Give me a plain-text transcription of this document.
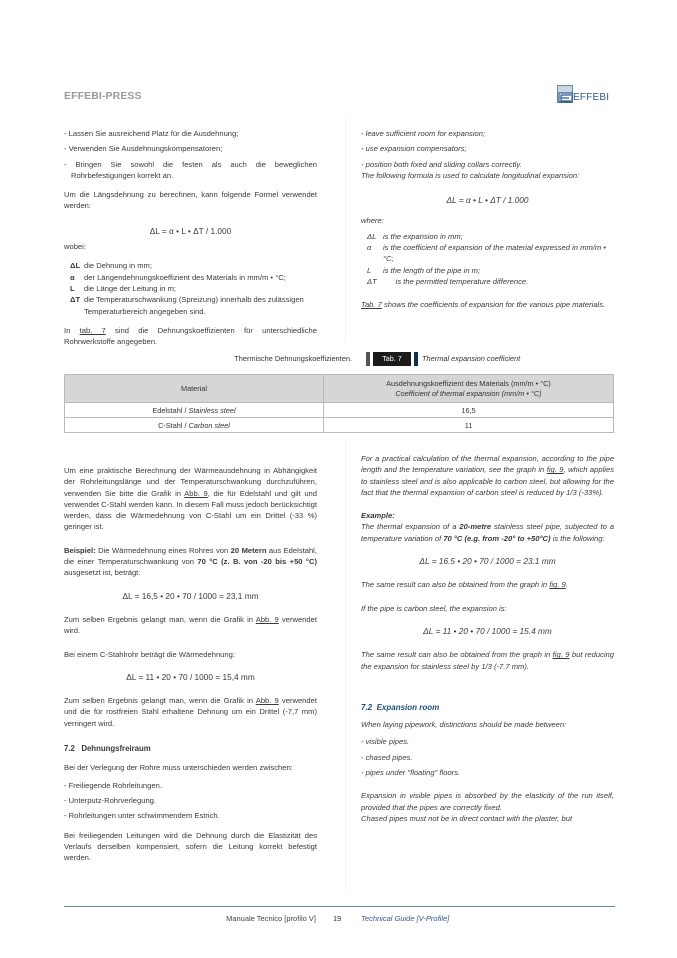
EFFEBI-PRESS	EFFEBI

- Lassen Sie ausreichend Platz für die Ausdehnung;

- Verwenden Sie Ausdehnungskompensatoren;

- Bringen Sie sowohl die festen als auch die beweglichen Rohrbefestigungen korrekt an.

Um die Längsdehnung zu berechnen, kann folgende Formel verwendet werden:

ΔL = α • L • ΔT / 1.000

wobei:

ΔL die Dehnung in mm;
α	der Längendehnungskoeffizient des Materials in mm/m • °C;
L	die Länge der Leitung in m;
ΔT die Temperaturschwankung (Spreizung) innerhalb des zulässigen Temperaturbereich angegeben sind.

In tab. 7 sind die Dehnungskoeffizienten für unterschiedliche Rohrwerkstoffe angegeben.

- leave sufficient room for expansion;

- use expansion compensators;

- position both fixed and sliding collars correctly.

The following formula is used to calculate longitudinal expansion:

ΔL = α • L • ΔT / 1.000

where:

ΔL is the expansion in mm;
α	is the coefficient of expansion of the material expressed in mm/m • °C;
L	is the length of the pipe in m;
ΔT is the permitted temperature difference.

Tab. 7 shows the coefficients of expansion for the various pipe materials.

Thermische Dehnungskoeffizienten.	Tab. 7	Thermal expansion coefficient
Material	Ausdehnungskoeffizient des Materials (mm/m • °C)
Coefficient of thermal expansion (mm/m • °C)
Edelstahl / Stainless steel	16,5
C-Stahl / Carbon steel	11

Um eine praktische Berechnung der Wärmeausdehnung in Abhängigkeit der Rohrleitungslänge und der Temperaturschwankung durchzuführen, verwenden Sie bitte die Grafik in Abb. 9, die für Edelstahl und gilt und verwendet C-Stahl werden kann. In diesem Fall muss jedoch berücksichtigt werden, dass die Wärmedehnung von C-Stahl um ein Drittel (-33 %) geringer ist.

Beispiel: Die Wärmedehnung eines Rohres von 20 Metern aus Edelstahl, die einer Temperaturschwankung von 70 °C (z. B. von -20 bis +50 °C) ausgesetzt ist, beträgt:

ΔL = 16,5 • 20 • 70 / 1000 = 23,1 mm

Zum selben Ergebnis gelangt man, wenn die Grafik in Abb. 9 verwendet wird.

Bei einem C-Stahlrohr beträgt die Wärmedehnung:

ΔL = 11 • 20 • 70 / 1000 = 15,4 mm

Zum selben Ergebnis gelangt man, wenn die Grafik in Abb. 9 verwendet und die für rostfreien Stahl erhaltene Dehnung um ein Drittel (-7,7 mm) verringert wird.

7.2   Dehnungsfreiraum

Bei der Verlegung der Rohre muss unterschieden werden zwischen:

- Freiliegende Rohrleitungen.

- Unterputz-Rohrverlegung.

- Rohrleitungen unter schwimmendem Estrich.

Bei freiliegenden Leitungen wird die Dehnung durch die Elastizität des Verlaufs derselben kompensiert, sofern die Leitung korrekt befestigt werden.

For a practical calculation of the thermal expansion, according to the pipe length and the temperature variation, see the graph in fig. 9, which applies to stainless steel and is also applicable to carbon steel, but allowing for the fact that the thermal expansion of carbon steel is reduced by 1/3 (-33%).

Example:

The thermal expansion of a 20-metre stainless steel pipe, subjected to a temperature variation of 70 °C (e.g. from -20° to +50°C) is the following:

ΔL = 16.5 • 20 • 70 / 1000 = 23.1 mm

The same result can also be obtained from the graph in fig. 9.

If the pipe is carbon steel, the expansion is:

ΔL = 11 • 20 • 70 / 1000 = 15.4 mm

The same result can also be obtained from the graph in fig. 9 but reducing the expansion for stainless steel by 1/3 (-7.7 mm).

7.2  Expansion room

When laying pipework, distinctions should be made between:

- visible pipes.

- chased pipes.

- pipes under "floating" floors.

Expansion in visible pipes is absorbed by the elasticity of the run itself, provided that the pipes are correctly fixed.

Chased pipes must not be in direct contact with the plaster, but

Manuale Tecnico [profilo V] 19	Technical Guide [V-Profile]
